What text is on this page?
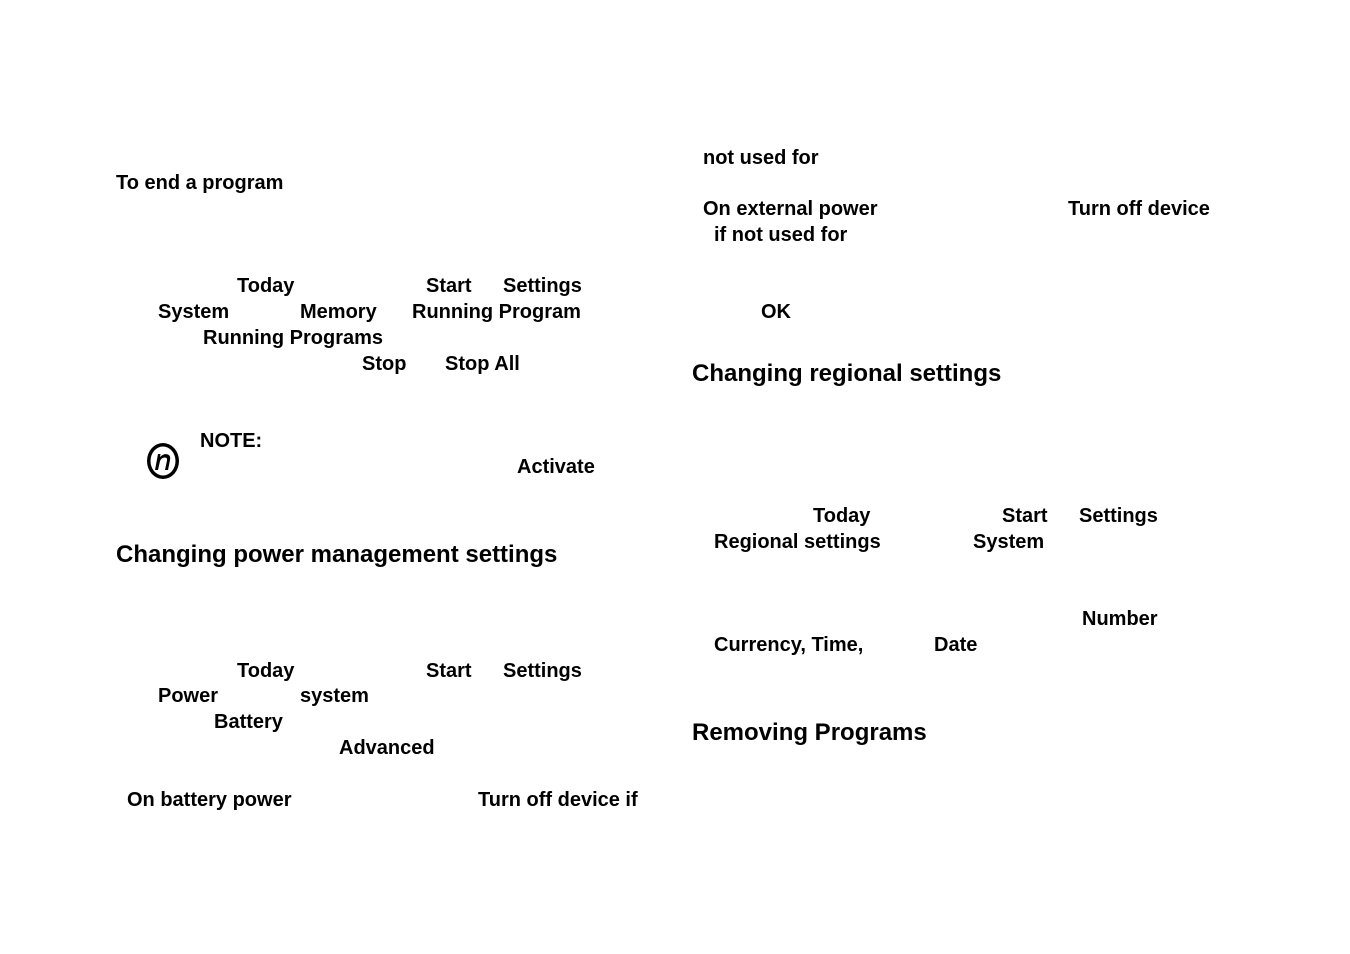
To end a program
Today	Start Settings
System	Memory Running Program
Running Programs
Stop Stop All
NOTE:
Activate
Changing power management settings
Today	Start Settings
Power	system
Battery
Advanced
On battery power	Turn off device if
not used for
On external power	Turn off device
if not used for
OK
Changing regional settings
Today	Start Settings
Regional settings	System
Number
Currency, Time,	Date
Removing Programs
